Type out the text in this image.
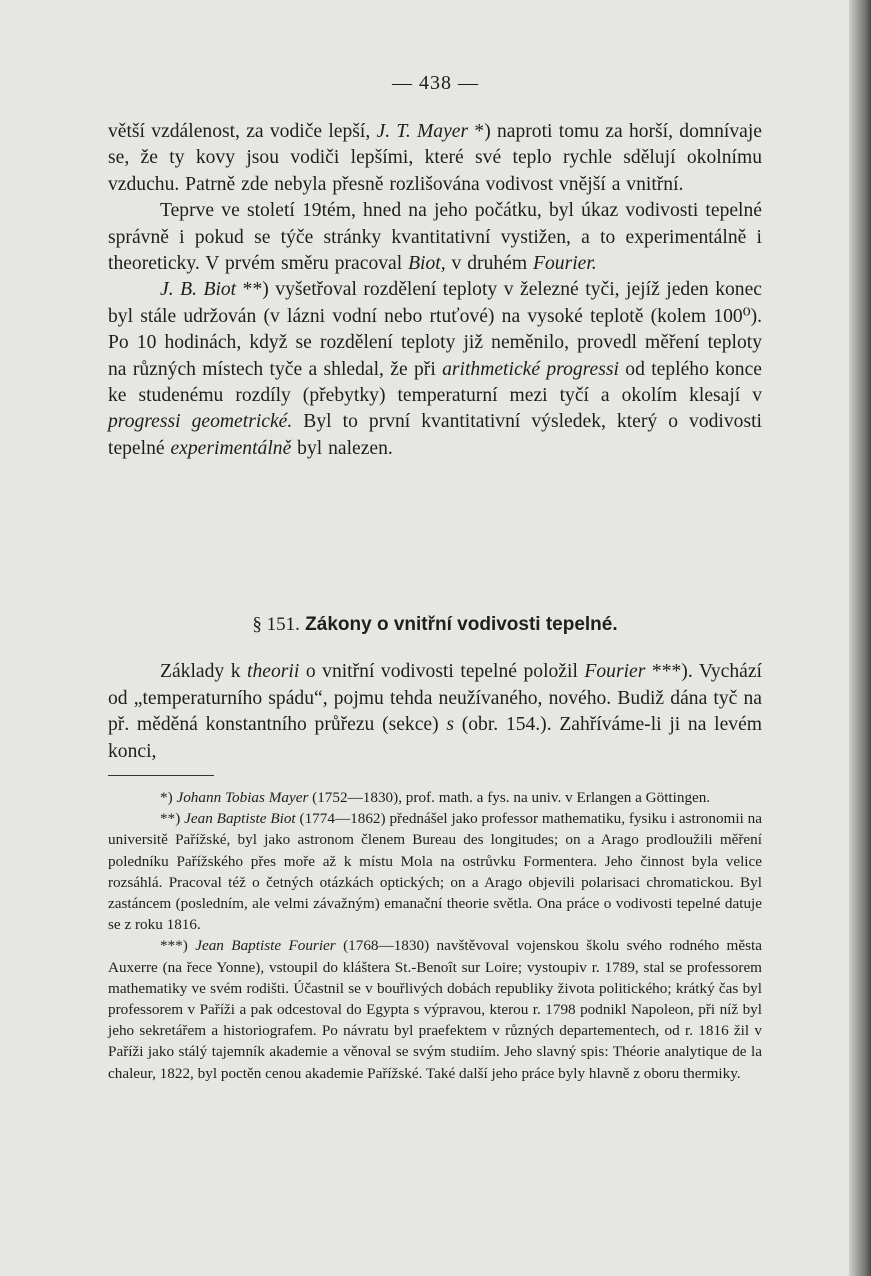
— 438 —

větší vzdálenost, za vodiče lepší, J. T. Mayer *) naproti tomu za horší, domnívaje se, že ty kovy jsou vodiči lepšími, které své teplo rychle sdělují okolnímu vzduchu. Patrně zde nebyla přesně rozlišována vodivost vnější a vnitřní.

Teprve ve století 19tém, hned na jeho počátku, byl úkaz vodivosti tepelné správně i pokud se týče stránky kvantitativní vystižen, a to experimentálně i theoreticky. V prvém směru pracoval Biot, v druhém Fourier.

J. B. Biot **) vyšetřoval rozdělení teploty v železné tyči, jejíž jeden konec byl stále udržován (v lázni vodní nebo rtuťové) na vysoké teplotě (kolem 100⁰). Po 10 hodinách, když se rozdělení teploty již neměnilo, provedl měření teploty na různých místech tyče a shledal, že při arithmetické progressi od teplého konce ke studenému rozdíly (přebytky) temperaturní mezi tyčí a okolím klesají v progressi geometrické. Byl to první kvantitativní výsledek, který o vodivosti tepelné experimentálně byl nalezen.

§ 151. Zákony o vnitřní vodivosti tepelné.

Základy k theorii o vnitřní vodivosti tepelné položil Fourier ***). Vychází od „temperaturního spádu“, pojmu tehda neužívaného, nového. Budiž dána tyč na př. měděná konstantního průřezu (sekce) s (obr. 154.). Zahříváme-li ji na levém konci,

*) Johann Tobias Mayer (1752—1830), prof. math. a fys. na univ. v Erlangen a Göttingen.

**) Jean Baptiste Biot (1774—1862) přednášel jako professor mathematiku, fysiku i astronomii na universitě Pařížské, byl jako astronom členem Bureau des longitudes; on a Arago prodloužili měření poledníku Pařížského přes moře až k místu Mola na ostrůvku Formentera. Jeho činnost byla velice rozsáhlá. Pracoval též o četných otázkách optických; on a Arago objevili polarisaci chromatickou. Byl zastáncem (posledním, ale velmi závažným) emanační theorie světla. Ona práce o vodivosti tepelné datuje se z roku 1816.

***) Jean Baptiste Fourier (1768—1830) navštěvoval vojenskou školu svého rodného města Auxerre (na řece Yonne), vstoupil do kláštera St.-Benoît sur Loire; vystoupiv r. 1789, stal se professorem mathematiky ve svém rodišti. Účastnil se v bouřlivých dobách republiky života politického; krátký čas byl professorem v Paříži a pak odcestoval do Egypta s výpravou, kterou r. 1798 podnikl Napoleon, při níž byl jeho sekretářem a historiografem. Po návratu byl praefektem v různých departementech, od r. 1816 žil v Paříži jako stálý tajemník akademie a věnoval se svým studiím. Jeho slavný spis: Théorie analytique de la chaleur, 1822, byl poctěn cenou akademie Pařížské. Také další jeho práce byly hlavně z oboru thermiky.
